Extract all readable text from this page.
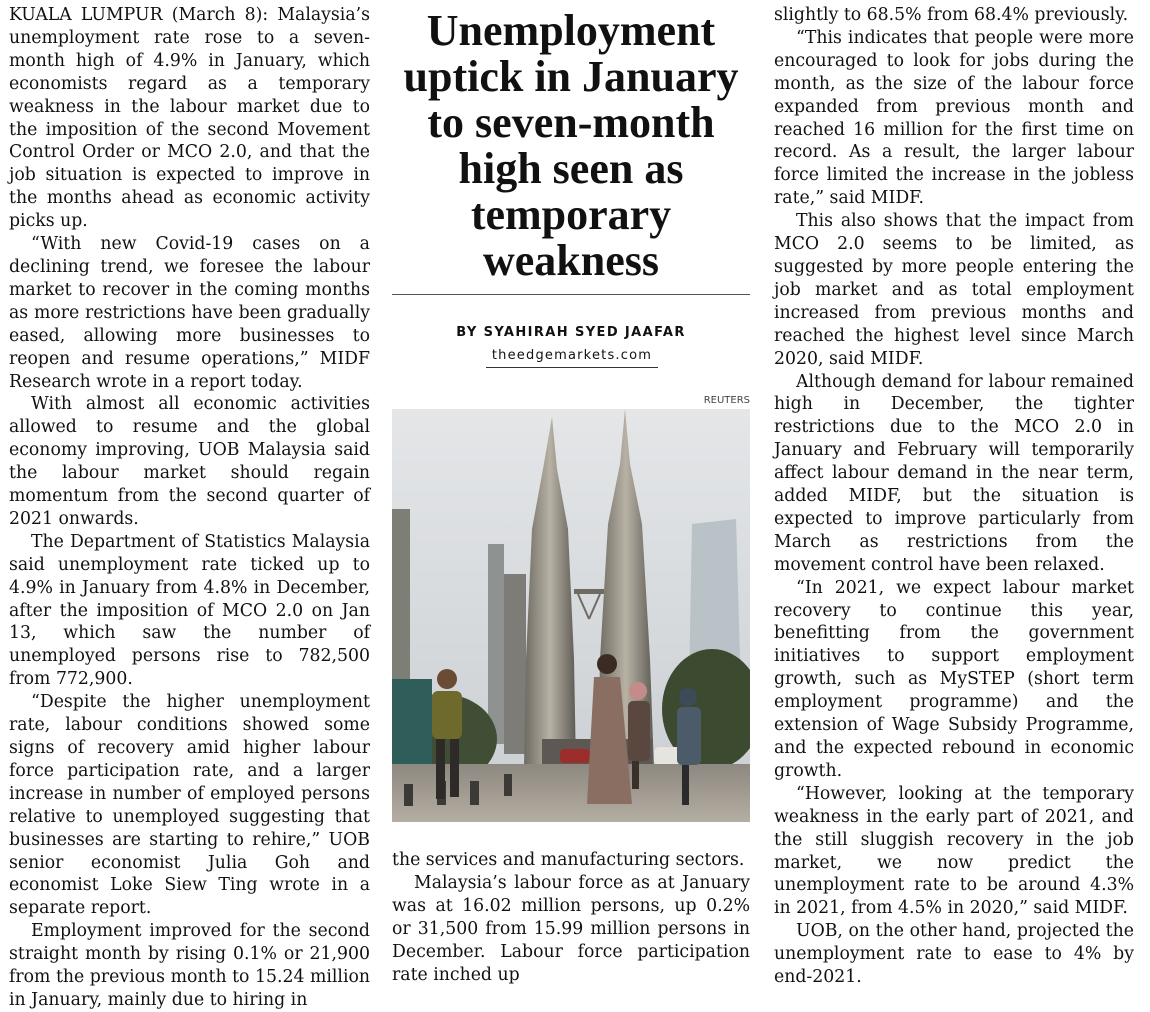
KUALA LUMPUR (March 8): Malaysia’s unemployment rate rose to a seven-month high of 4.9% in January, which economists regard as a temporary weakness in the labour market due to the imposition of the second Movement Control Order or MCO 2.0, and that the job situation is expected to improve in the months ahead as economic activity picks up.

“With new Covid-19 cases on a declining trend, we foresee the labour market to recover in the coming months as more restrictions have been gradually eased, allowing more businesses to reopen and resume operations,” MIDF Research wrote in a report today.

With almost all economic activities allowed to resume and the global economy improving, UOB Malaysia said the labour market should regain momentum from the second quarter of 2021 onwards.

The Department of Statistics Malaysia said unemployment rate ticked up to 4.9% in January from 4.8% in December, after the imposition of MCO 2.0 on Jan 13, which saw the number of unemployed persons rise to 782,500 from 772,900.

“Despite the higher unemployment rate, labour conditions showed some signs of recovery amid higher labour force participation rate, and a larger increase in number of employed persons relative to unemployed suggesting that businesses are starting to rehire,” UOB senior economist Julia Goh and economist Loke Siew Ting wrote in a separate report.

Employment improved for the second straight month by rising 0.1% or 21,900 from the previous month to 15.24 million in January, mainly due to hiring in

Unemployment uptick in January to seven-month high seen as temporary weakness
BY SYAHIRAH SYED JAAFAR
theedgemarkets.com
REUTERS

the services and manufacturing sectors.

Malaysia’s labour force as at January was at 16.02 million persons, up 0.2% or 31,500 from 15.99 million persons in December. Labour force participation rate inched up

slightly to 68.5% from 68.4% previously.

“This indicates that people were more encouraged to look for jobs during the month, as the size of the labour force expanded from previous month and reached 16 million for the first time on record. As a result, the larger labour force limited the increase in the jobless rate,” said MIDF.

This also shows that the impact from MCO 2.0 seems to be limited, as suggested by more people entering the job market and as total employment increased from previous months and reached the highest level since March 2020, said MIDF.

Although demand for labour remained high in December, the tighter restrictions due to the MCO 2.0 in January and February will temporarily affect labour demand in the near term, added MIDF, but the situation is expected to improve particularly from March as restrictions from the movement control have been relaxed.

“In 2021, we expect labour market recovery to continue this year, benefitting from the government initiatives to support employment growth, such as MySTEP (short term employment programme) and the extension of Wage Subsidy Programme, and the expected rebound in economic growth.

“However, looking at the temporary weakness in the early part of 2021, and the still sluggish recovery in the job market, we now predict the unemployment rate to be around 4.3% in 2021, from 4.5% in 2020,” said MIDF.

UOB, on the other hand, projected the unemployment rate to ease to 4% by end-2021.
